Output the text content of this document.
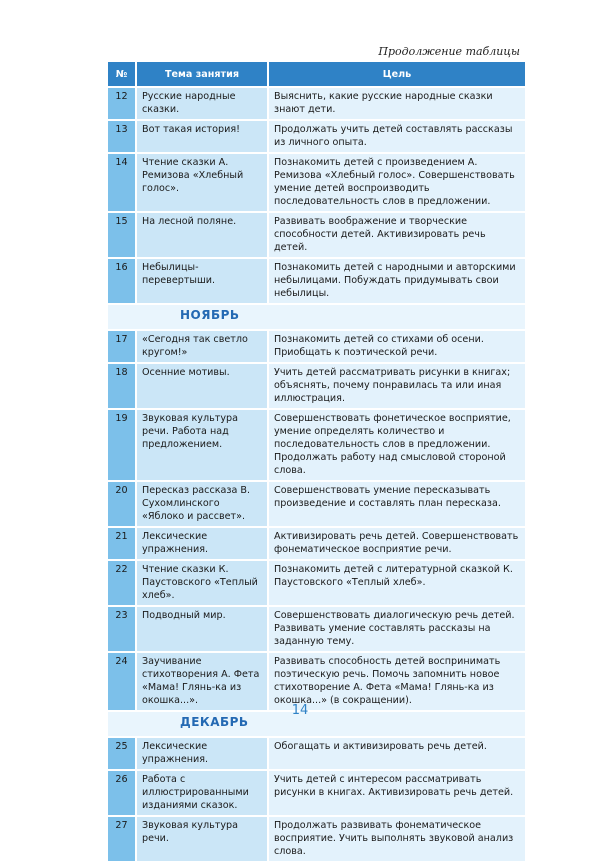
Продолжение таблицы
№	Тема занятия	Цель
12	Русские народные сказки.	Выяснить, какие русские народные сказки знают дети.
13	Вот такая история!	Продолжать учить детей составлять рассказы из личного опыта.
14	Чтение сказки А. Ремизова «Хлебный голос».	Познакомить детей с произведением А. Ремизова «Хлебный голос». Совершенствовать умение детей воспроизводить последовательность слов в предложении.
15	На лесной поляне.	Развивать воображение и творческие способности детей. Активизировать речь детей.
16	Небылицы-перевертыши.	Познакомить детей с народными и авторскими небылицами. Побуждать придумывать свои небылицы.

НОЯБРЬ		

17	«Сегодня так светло кругом!»	Познакомить детей со стихами об осени. Приобщать к поэтической речи.
18	Осенние мотивы.	Учить детей рассматривать рисунки в книгах; объяснять, почему понравилась та или иная иллюстрация.
19	Звуковая культура речи. Работа над предложением.	Совершенствовать фонетическое восприятие, умение определять количество и последовательность слов в предложении. Продолжать работу над смысловой стороной слова.
20	Пересказ рассказа В. Сухомлинского «Яблоко и рассвет».	Совершенствовать умение пересказывать произведение и составлять план пересказа.
21	Лексические упражнения.	Активизировать речь детей. Совершенствовать фонематическое восприятие речи.
22	Чтение сказки К. Паустовского «Теплый хлеб».	Познакомить детей с литературной сказкой К. Паустовского «Теплый хлеб».
23	Подводный мир.	Совершенствовать диалогическую речь детей. Развивать умение составлять рассказы на заданную тему.
24	Заучивание стихотворения А. Фета «Мама! Глянь-ка из окошка...».	Развивать способность детей воспринимать поэтическую речь. Помочь запомнить новое стихотворение А. Фета «Мама! Глянь-ка из окошка...» (в сокращении).

ДЕКАБРЬ		

25	Лексические упражнения.	Обогащать и активизировать речь детей.
26	Работа с иллюстрированными изданиями сказок.	Учить детей с интересом рассматривать рисунки в книгах. Активизировать речь детей.
27	Звуковая культура речи.	Продолжать развивать фонематическое восприятие. Учить выполнять звуковой анализ слова.
14
